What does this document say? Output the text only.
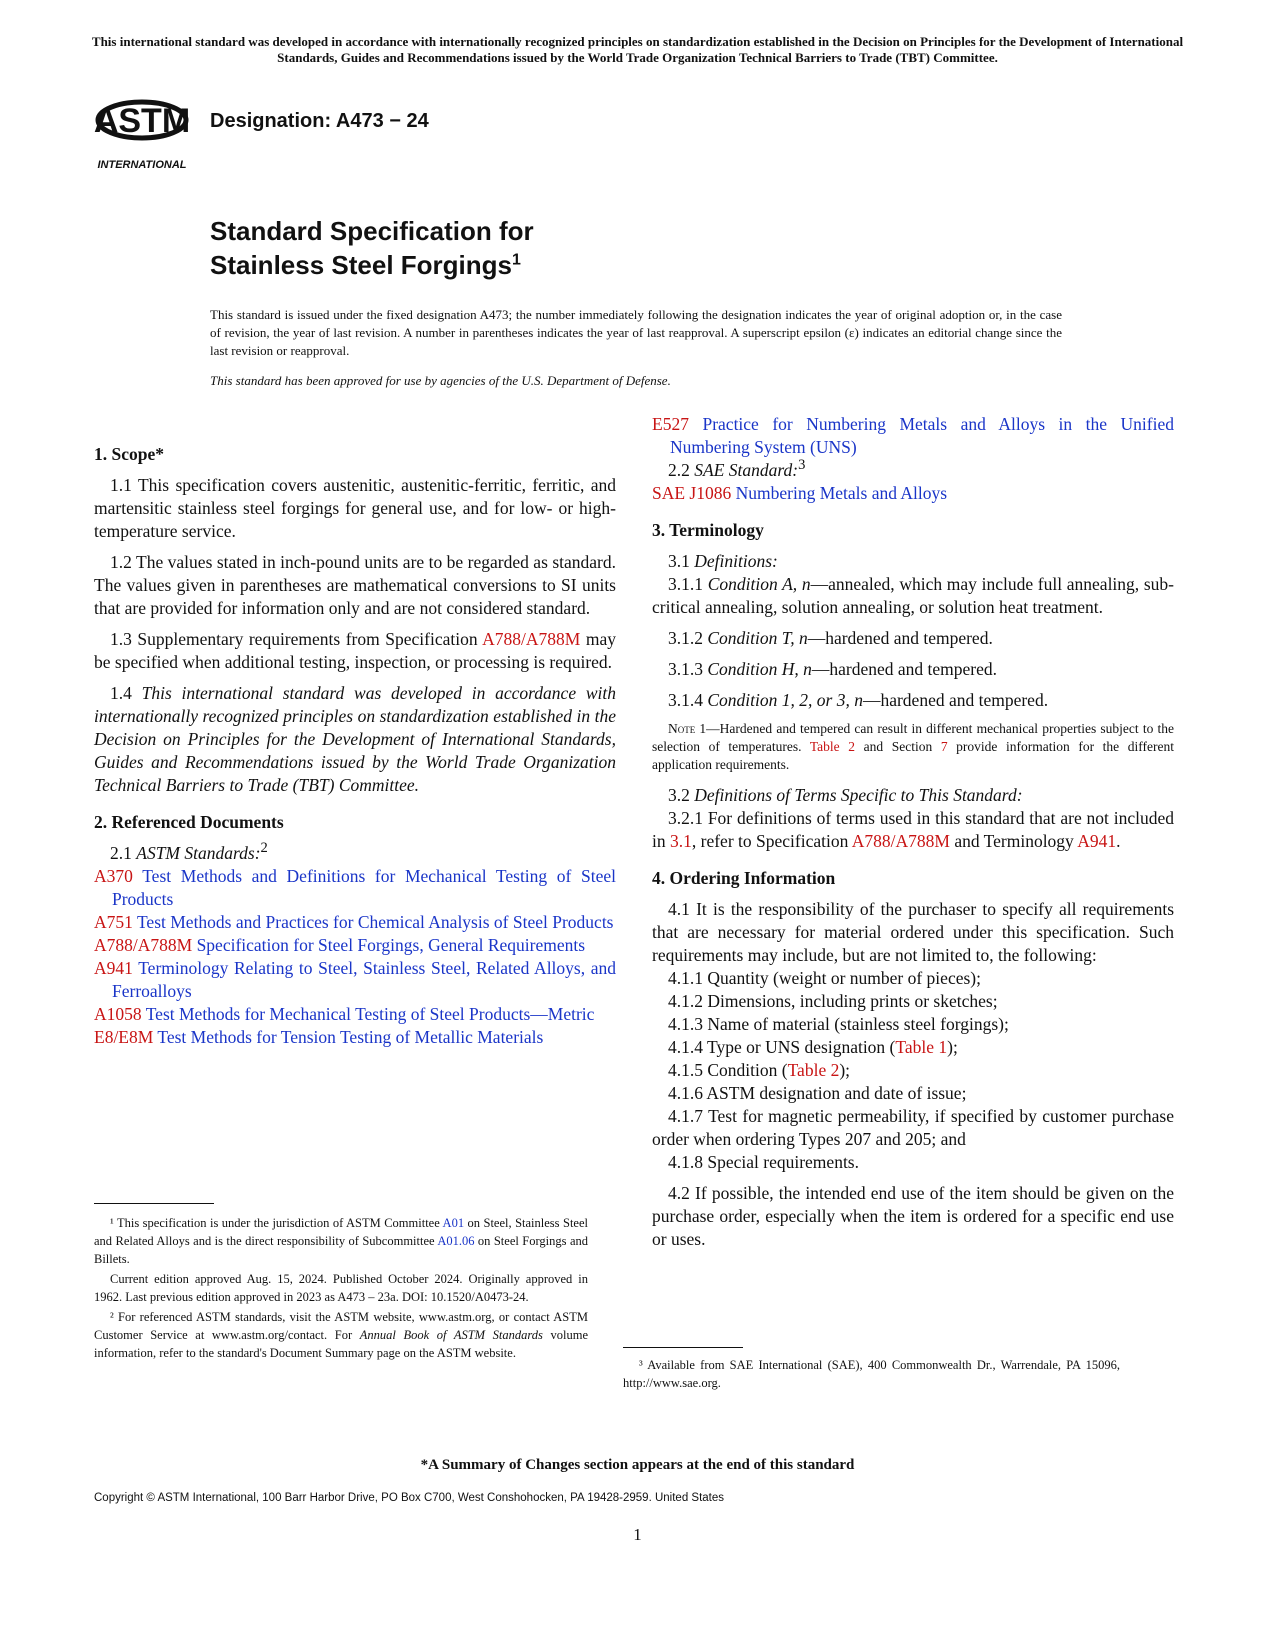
This international standard was developed in accordance with internationally recognized principles on standardization established in the Decision on Principles for the Development of International Standards, Guides and Recommendations issued by the World Trade Organization Technical Barriers to Trade (TBT) Committee.
ASTM
INTERNATIONAL
Designation: A473 − 24
Standard Specification for
Stainless Steel Forgings$^1$
This standard is issued under the fixed designation A473; the number immediately following the designation indicates the year of original adoption or, in the case of revision, the year of last revision. A number in parentheses indicates the year of last reapproval. A superscript epsilon (ε) indicates an editorial change since the last revision or reapproval.
This standard has been approved for use by agencies of the U.S. Department of Defense.
1. Scope*

1.1 This specification covers austenitic, austenitic-ferritic, ferritic, and martensitic stainless steel forgings for general use, and for low- or high-temperature service.

1.2 The values stated in inch-pound units are to be regarded as standard. The values given in parentheses are mathematical conversions to SI units that are provided for information only and are not considered standard.

1.3 Supplementary requirements from Specification A788/A788M may be specified when additional testing, inspection, or processing is required.

1.4 This international standard was developed in accordance with internationally recognized principles on standardization established in the Decision on Principles for the Development of International Standards, Guides and Recommendations issued by the World Trade Organization Technical Barriers to Trade (TBT) Committee.

2. Referenced Documents

2.1 ASTM Standards:$^2$

A370 Test Methods and Definitions for Mechanical Testing of Steel Products
A751 Test Methods and Practices for Chemical Analysis of Steel Products
A788/A788M Specification for Steel Forgings, General Requirements
A941 Terminology Relating to Steel, Stainless Steel, Related Alloys, and Ferroalloys
A1058 Test Methods for Mechanical Testing of Steel Products—Metric
E8/E8M Test Methods for Tension Testing of Metallic Materials

¹ This specification is under the jurisdiction of ASTM Committee A01 on Steel, Stainless Steel and Related Alloys and is the direct responsibility of Subcommittee A01.06 on Steel Forgings and Billets.

Current edition approved Aug. 15, 2024. Published October 2024. Originally approved in 1962. Last previous edition approved in 2023 as A473 – 23a. DOI: 10.1520/A0473-24.

² For referenced ASTM standards, visit the ASTM website, www.astm.org, or contact ASTM Customer Service at www.astm.org/contact. For Annual Book of ASTM Standards volume information, refer to the standard's Document Summary page on the ASTM website.

E527 Practice for Numbering Metals and Alloys in the Unified Numbering System (UNS)

2.2 SAE Standard:$^3$

SAE J1086 Numbering Metals and Alloys
3. Terminology

3.1 Definitions:

3.1.1 Condition A, n—annealed, which may include full annealing, sub-critical annealing, solution annealing, or solution heat treatment.

3.1.2 Condition T, n—hardened and tempered.

3.1.3 Condition H, n—hardened and tempered.

3.1.4 Condition 1, 2, or 3, n—hardened and tempered.

Note 1—Hardened and tempered can result in different mechanical properties subject to the selection of temperatures. Table 2 and Section 7 provide information for the different application requirements.

3.2 Definitions of Terms Specific to This Standard:

3.2.1 For definitions of terms used in this standard that are not included in 3.1, refer to Specification A788/A788M and Terminology A941.

4. Ordering Information

4.1 It is the responsibility of the purchaser to specify all requirements that are necessary for material ordered under this specification. Such requirements may include, but are not limited to, the following:

4.1.1 Quantity (weight or number of pieces);
4.1.2 Dimensions, including prints or sketches;
4.1.3 Name of material (stainless steel forgings);
4.1.4 Type or UNS designation (Table 1);
4.1.5 Condition (Table 2);
4.1.6 ASTM designation and date of issue;

4.1.7 Test for magnetic permeability, if specified by customer purchase order when ordering Types 207 and 205; and

4.1.8 Special requirements.

4.2 If possible, the intended end use of the item should be given on the purchase order, especially when the item is ordered for a specific end use or uses.

³ Available from SAE International (SAE), 400 Commonwealth Dr., Warrendale, PA 15096, http://www.sae.org.

*A Summary of Changes section appears at the end of this standard
Copyright © ASTM International, 100 Barr Harbor Drive, PO Box C700, West Conshohocken, PA 19428-2959. United States
1
